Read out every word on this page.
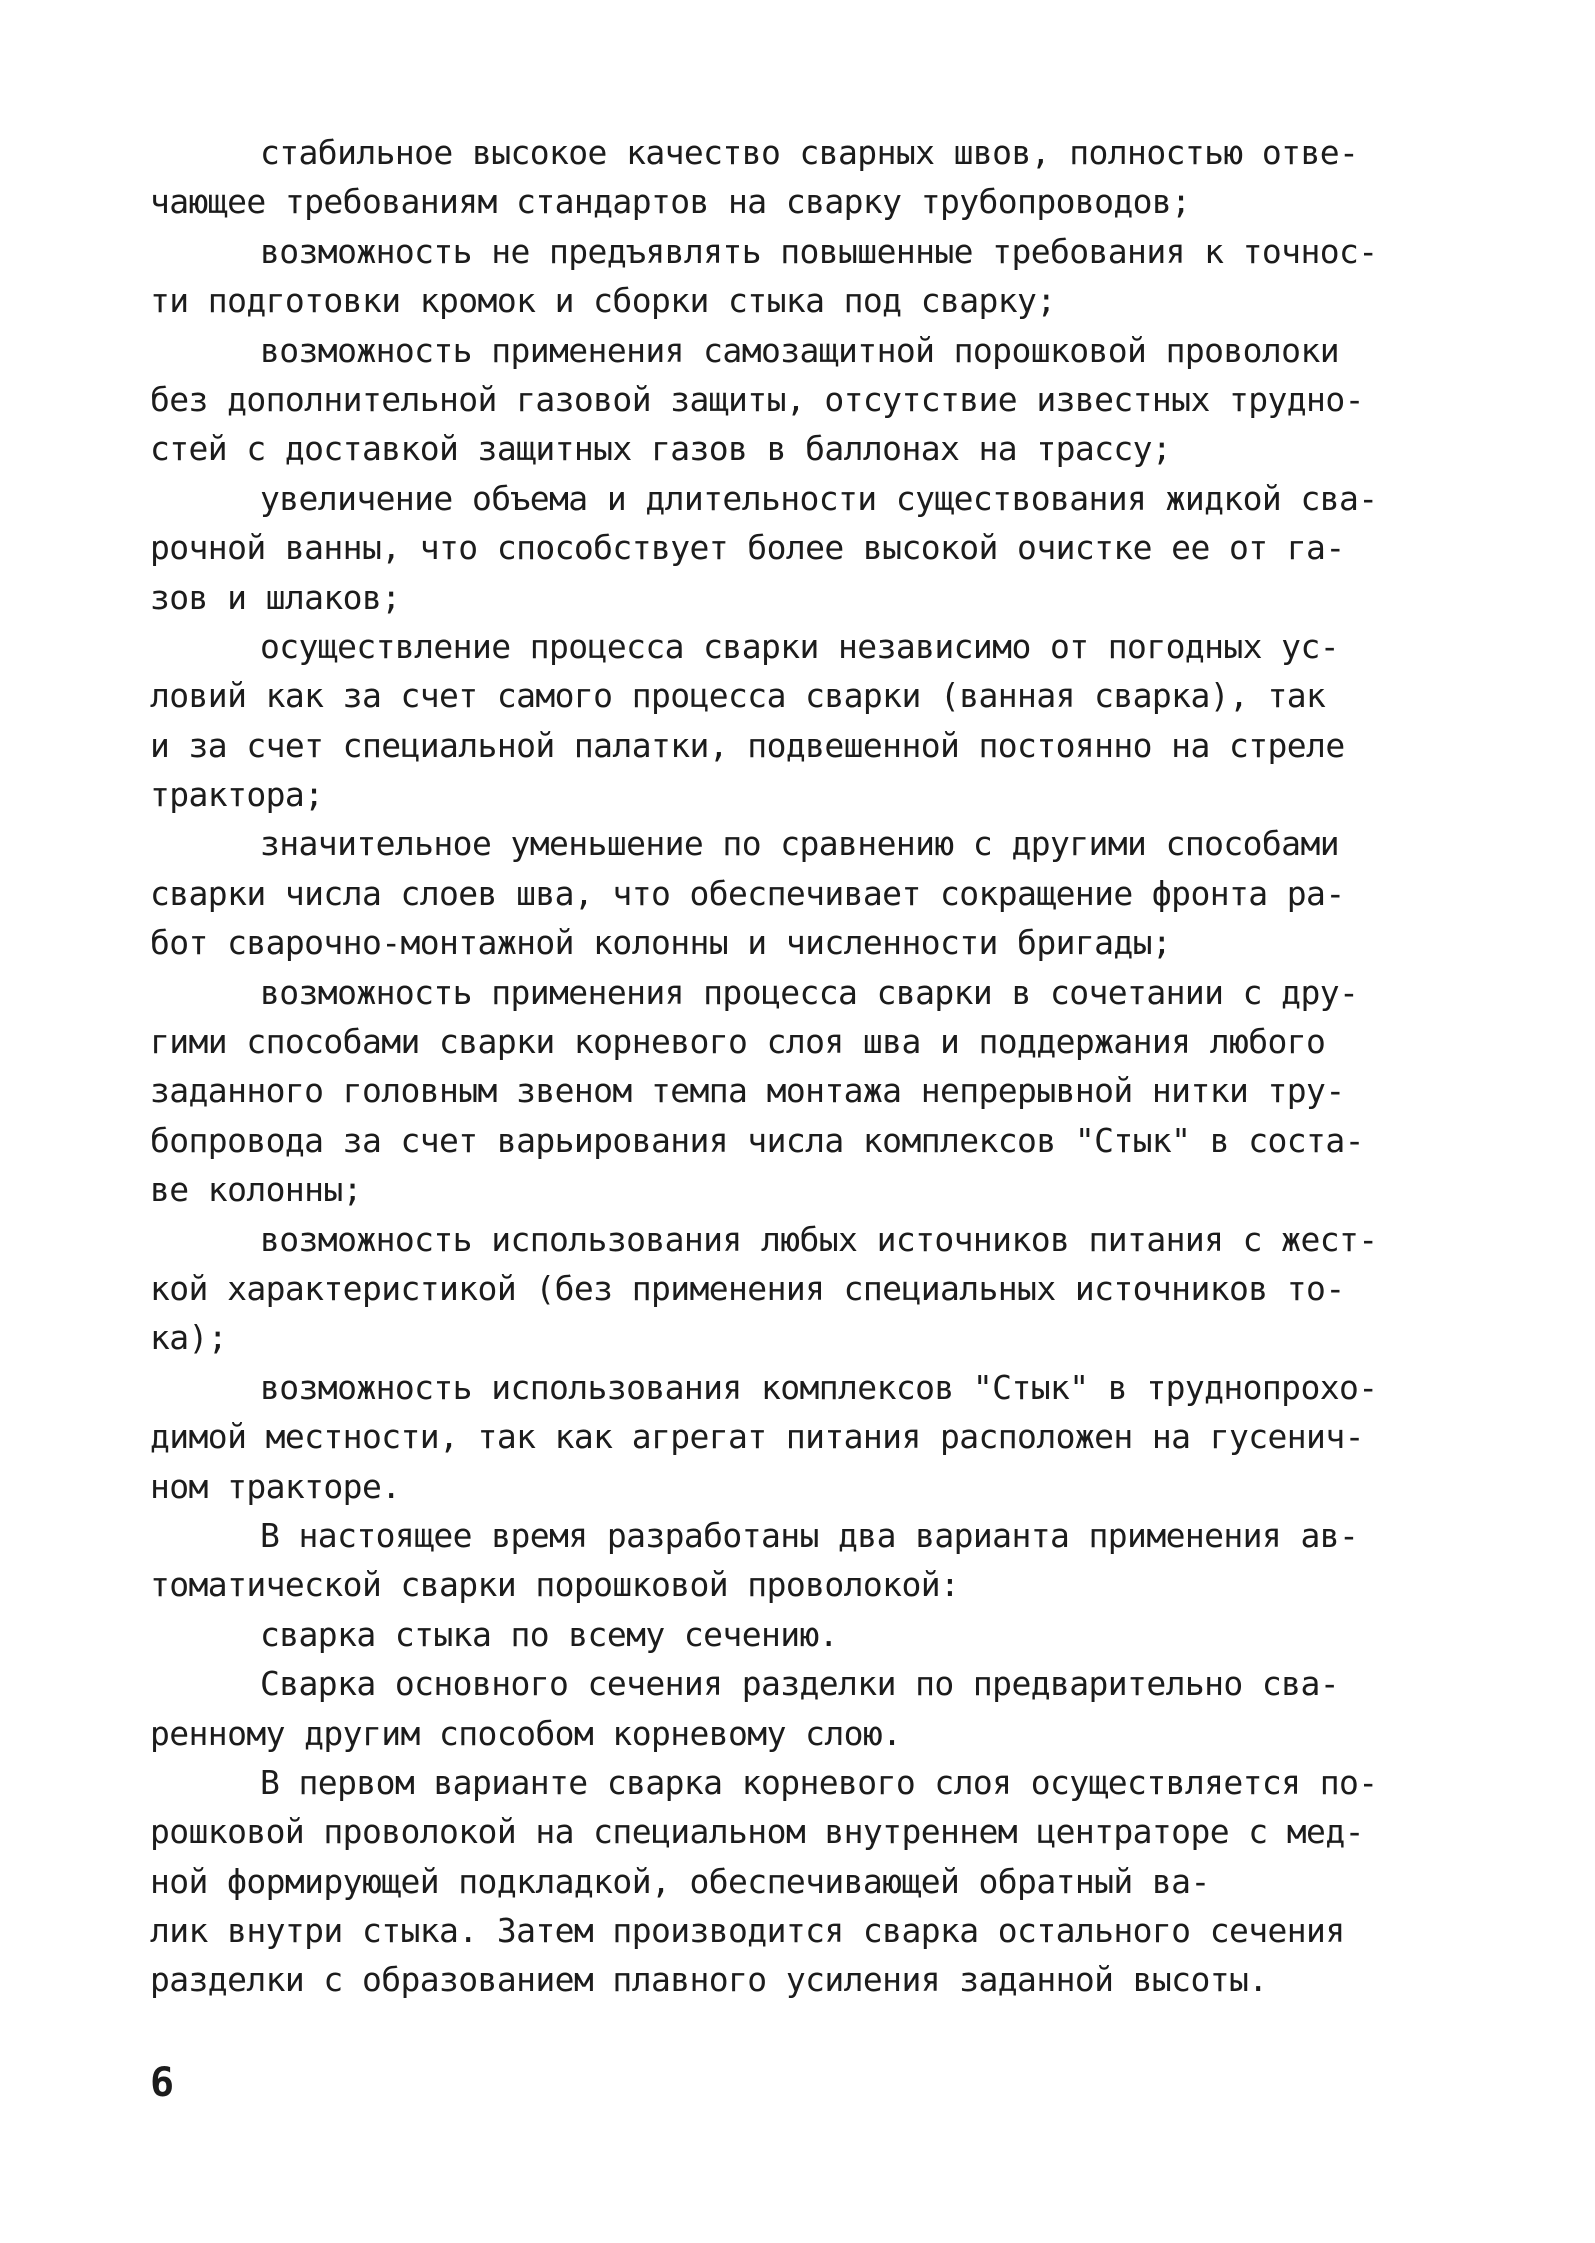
стабильное высокое качество сварных швов, полностью отве-
чающее требованиям стандартов на сварку трубопроводов;
возможность не предъявлять повышенные требования к точнос-
ти подготовки кромок и сборки стыка под сварку;
возможность применения самозащитной порошковой проволоки
без дополнительной газовой защиты, отсутствие известных трудно-
стей с доставкой защитных газов в баллонах на трассу;
увеличение объема и длительности существования жидкой сва-
рочной ванны, что способствует более высокой очистке ее от га-
зов и шлаков;
осуществление процесса сварки независимо от погодных ус-
ловий как за счет самого процесса сварки (ванная сварка), так
и за счет специальной палатки, подвешенной постоянно на стреле
трактора;
значительное уменьшение по сравнению с другими способами
сварки числа слоев шва, что обеспечивает сокращение фронта ра-
бот сварочно-монтажной колонны и численности бригады;
возможность применения процесса сварки в сочетании с дру-
гими способами сварки корневого слоя шва и поддержания любого
заданного головным звеном темпа монтажа непрерывной нитки тру-
бопровода за счет варьирования числа комплексов "Стык" в соста-
ве колонны;
возможность использования любых источников питания с жест-
кой характеристикой (без применения специальных источников то-
ка);
возможность использования комплексов "Стык" в труднопрохо-
димой местности, так как агрегат питания расположен на гусенич-
ном тракторе.
В настоящее время разработаны два варианта применения ав-
томатической сварки порошковой проволокой:
сварка стыка по всему сечению.
Сварка основного сечения разделки по предварительно сва-
ренному другим способом корневому слою.
В первом варианте сварка корневого слоя осуществляется по-
рошковой проволокой на специальном внутреннем центраторе с мед-
ной формирующей подкладкой, обеспечивающей обратный ва-
лик внутри стыка. Затем производится сварка остального сечения
разделки с образованием плавного усиления заданной высоты.
6
